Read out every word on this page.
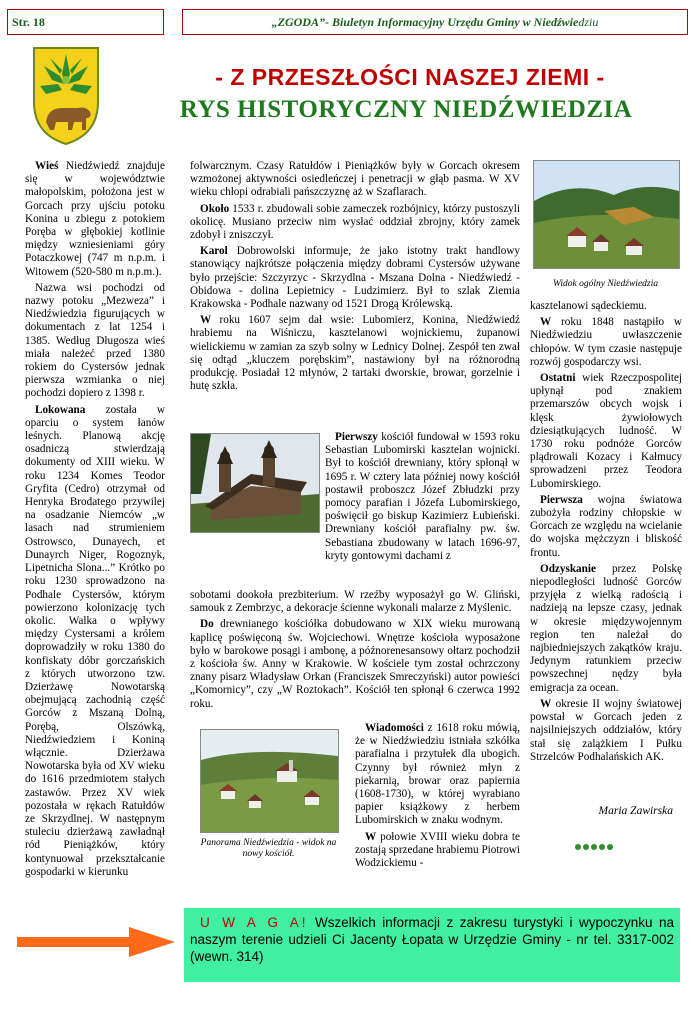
Str. 18	„ZGODA” - Biuletyn Informacyjny Urzędu Gminy w Niedźwie dziu
- Z PRZESZŁOŚCI NASZEJ ZIEMI -
RYS HISTORYCZNY NIEDŹWIEDZIA

Wieś Niedźwiedź znajduje się w województwie małopolskim, położona jest w Gorcach przy ujściu potoku Konina u zbiegu z potokiem Poręba w głębokiej kotlinie między wzniesieniami góry Potaczkowej (747 m n.p.m. i Witowem (520-580 m n.p.m.).

Nazwa wsi pochodzi od nazwy potoku „Mezweza” i Niedźwiedzia figurujących w dokumentach z lat 1254 i 1385. Według Długosza wieś miała należeć przed 1380 rokiem do Cystersów jednak pierwsza wzmianka o niej pochodzi dopiero z 1398 r.

Lokowana została w oparciu o system łanów leśnych. Planową akcję osadniczą stwierdzają dokumenty od XIII wieku. W roku 1234 Komes Teodor Gryfita (Cedro) otrzymał od Henryka Brodatego przywilej na osadzanie Niemców „w lasach nad strumieniem Ostrowsco, Dunayech, et Dunayrch Niger, Rogoznyk, Lipetnicha Slona...” Krótko po roku 1230 sprowadzono na Podhale Cystersów, którym powierzono kolonizację tych okolic. Walka o wpływy między Cystersami a królem doprowadziły w roku 1380 do konfiskaty dóbr gorczańskich z których utworzono tzw. Dzierżawę Nowotarską obejmującą zachodnią część Gorców z Mszaną Dolną, Porębą, Olszówką, Niedźwiedziem i Koniną włącznie. Dzierżawa Nowotarska była od XV wieku do 1616 przedmiotem stałych zastawów. Przez XV wiek pozostała w rękach Ratułdów ze Skrzydlnej. W następnym stuleciu dzierżawą zawładnął ród Pieniążków, który kontynuował przekształcanie gospodarki w kierunku

folwarcznym. Czasy Ratułdów i Pieniążków były w Gorcach okresem wzmożonej aktywności osiedleńczej i penetracji w głąb pasma. W XV wieku chłopi odrabiali pańszczyznę aż w Szaflarach.

Około 1533 r. zbudowali sobie zameczek rozbójnicy, którzy pustoszyli okolicę. Musiano przeciw nim wysłać oddział zbrojny, który zamek zdobył i zniszczył.

Karol Dobrowolski informuje, że jako istotny trakt handlowy stanowiący najkrótsze połączenia między dobrami Cystersów używane było przejście: Szczyrzyc - Skrzydlna - Mszana Dolna - Niedźwiedź - Obidowa - dolina Lepietnicy - Ludzimierz. Był to szlak Ziemia Krakowska - Podhale nazwany od 1521 Drogą Królewską.

W roku 1607 sejm dał wsie: Lubomierz, Konina, Niedźwiedź hrabiemu na Wiśniczu, kasztelanowi wojnickiemu, żupanowi wielickiemu w zamian za szyb solny w Lednicy Dolnej. Zespół ten zwał się odtąd „kluczem porębskim”, nastawiony był na różnorodną produkcję. Posiadał 12 młynów, 2 tartaki dworskie, browar, gorzelnie i hutę szkła.

Pierwszy kościół fundował w 1593 roku Sebastian Lubomirski kasztelan wojnicki. Był to kościół drewniany, który spłonął w 1695 r. W cztery lata później nowy kościół postawił proboszcz Józef Zbłudzki przy pomocy parafian i Józefa Lubomirskiego, poświęcił go biskup Kazimierz Łubieński. Drewniany kościół parafialny pw. św. Sebastiana zbudowany w latach 1696-97, kryty gontowymi dachami z

sobotami dookoła prezbiterium. W rzeźby wyposażył go W. Gliński, samouk z Zembrzyc, a dekoracje ścienne wykonali malarze z Myślenic.

Do drewnianego kościółka dobudowano w XIX wieku murowaną kaplicę poświęconą św. Wojciechowi. Wnętrze kościoła wyposażone było w barokowe posągi i ambonę, a późnorenesansowy ołtarz pochodził z kościoła św. Anny w Krakowie. W kościele tym został ochrzczony znany pisarz Władysław Orkan (Franciszek Smreczyński) autor powieści „Komornicy”, czy „W Roztokach”. Kościół ten spłonął 6 czerwca 1992 roku.

Wiadomości z 1618 roku mówią, że w Niedźwiedziu istniała szkółka parafialna i przytułek dla ubogich. Czynny był również młyn z piekarnią, browar oraz papiernia (1608-1730), w której wyrabiano papier książkowy z herbem Lubomirskich w znaku wodnym.

W połowie XVIII wieku dobra te zostają sprzedane hrabiemu Piotrowi Wodzickiemu -

kasztelanowi sądeckiemu.

W roku 1848 nastąpiło w Niedźwiedziu uwłaszczenie chłopów. W tym czasie następuje rozwój gospodarczy wsi.

Ostatni wiek Rzeczpospolitej upłynął pod znakiem przemarszów obcych wojsk i klęsk żywiołowych dziesiątkujących ludność. W 1730 roku podnóże Gorców plądrowali Kozacy i Kałmucy sprowadzeni przez Teodora Lubomirskiego.

Pierwsza wojna światowa zubożyła rodziny chłopskie w Gorcach ze względu na wcielanie do wojska mężczyzn i bliskość frontu.

Odzyskanie przez Polskę niepodległości ludność Gorców przyjęła z wielką radością i nadzieją na lepsze czasy, jednak w okresie międzywojennym region ten należał do najbiedniejszych zakątków kraju. Jedynym ratunkiem przeciw powszechnej nędzy była emigracja za ocean.

W okresie II wojny światowej powstał w Gorcach jeden z najsilniejszych oddziałów, który stał się zalążkiem I Pułku Strzelców Podhalańskich AK.

Widok ogólny Niedźwiedzia
Panorama Niedźwiedzia - widok na nowy kościół.
Maria Zawirska
U W A G A! Wszelkich informacji z zakresu turystyki i wypoczynku na naszym terenie udzieli Ci Jacenty Łopata w Urzędzie Gminy - nr tel. 3317-002 (wewn. 314)
